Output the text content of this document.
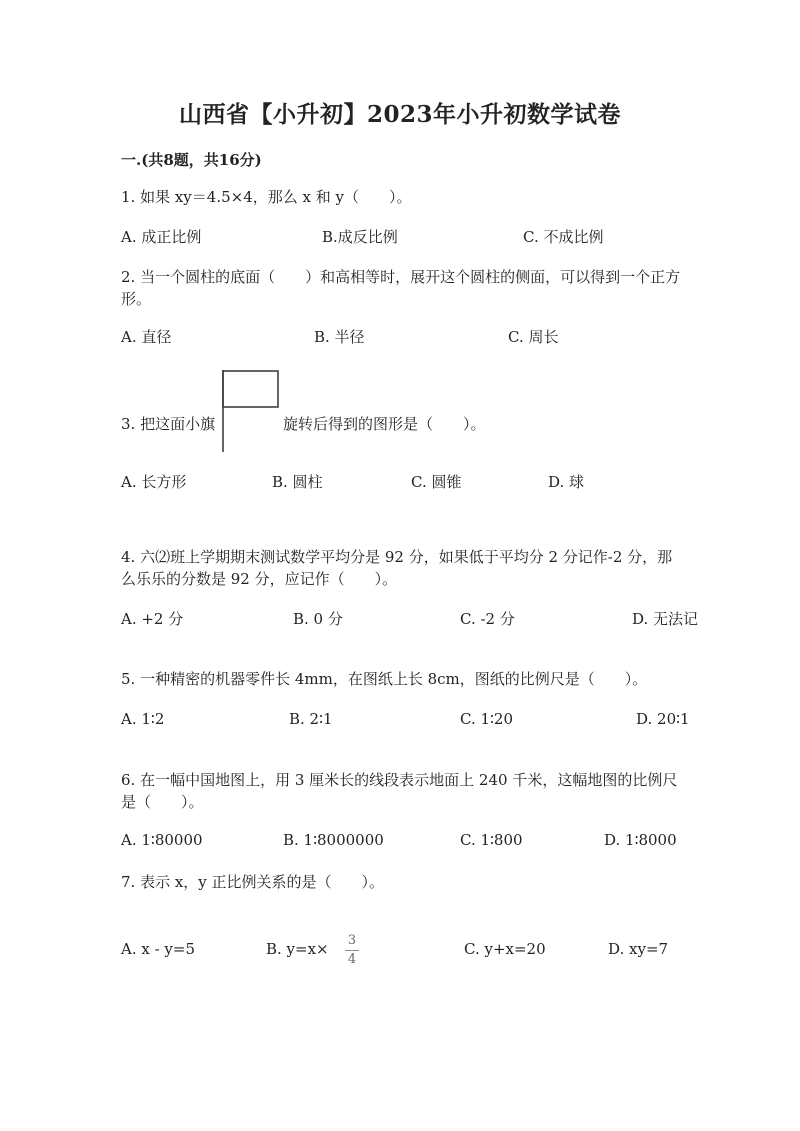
山西省【小升初】2023年小升初数学试卷
一.(共8题，共16分)
1. 如果 xy＝4.5×4，那么 x 和 y（　　）。
A. 成正比例	B.成反比例	C. 不成比例
2. 当一个圆柱的底面（　　）和高相等时，展开这个圆柱的侧面，可以得到一个正方形。
A. 直径	B. 半径	C. 周长
3. 把这面小旗	旋转后得到的图形是（　　）。
A. 长方形	B. 圆柱	C. 圆锥	D. 球
4. 六⑵班上学期期末测试数学平均分是 92 分，如果低于平均分 2 分记作-2 分，那么乐乐的分数是 92 分，应记作（　　）。
A. +2 分	B. 0 分	C. -2 分	D. 无法记
5. 一种精密的机器零件长 4mm，在图纸上长 8cm，图纸的比例尺是（　　）。
A. 1∶2	B. 2∶1	C. 1∶20	D. 20∶1
6. 在一幅中国地图上，用 3 厘米长的线段表示地面上 240 千米，这幅地图的比例尺是（　　）。
A. 1∶80000	B. 1∶8000000	C. 1∶800	D. 1∶8000
7. 表示 x，y 正比例关系的是（　　）。
A. x - y=5	B. y=x× 3
4
C. y+x=20	D. xy=7
